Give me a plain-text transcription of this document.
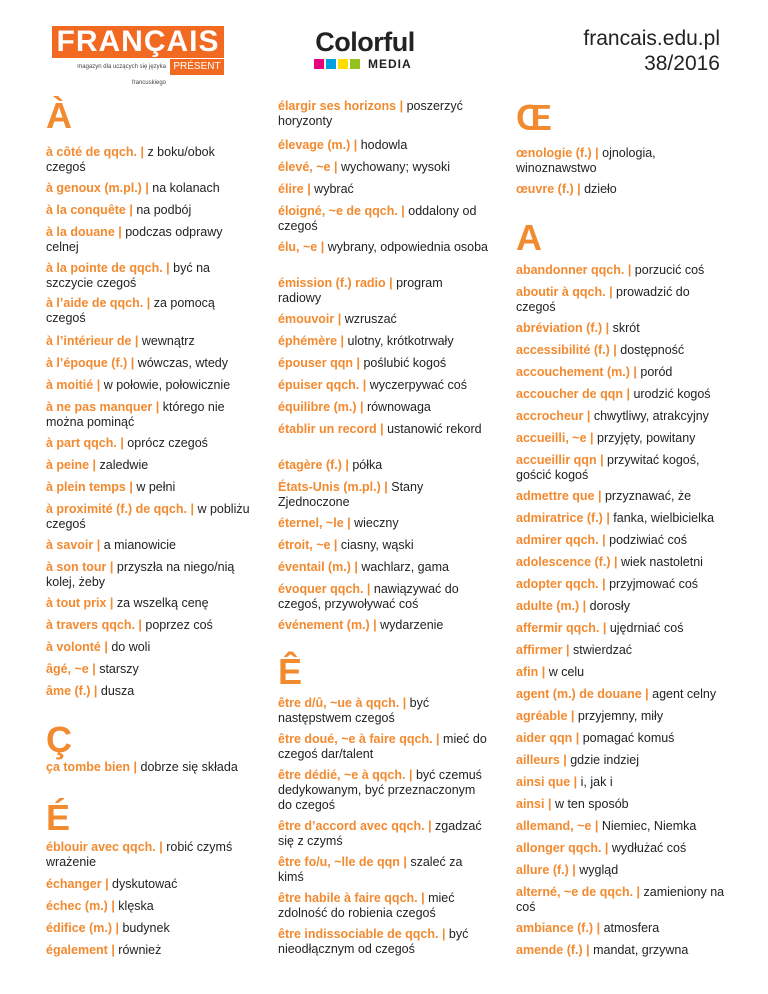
FRANÇAIS
magazyn dla uczących się języka francuskiego
PRÉSENT
Colorful
MEDIA
francais.edu.pl
38/2016
À
à côté de qqch. | z boku/obok czegoś
à genoux (m.pl.) | na kolanach
à la conquête | na podbój
à la douane | podczas odprawy celnej
à la pointe de qqch. | być na szczycie czegoś
à l’aide de qqch. | za pomocą czegoś
à l’intérieur de | wewnątrz
à l’époque (f.) | wówczas, wtedy
à moitié | w połowie, połowicznie
à ne pas manquer | którego nie można pominąć
à part qqch. | oprócz czegoś
à peine | zaledwie
à plein temps | w pełni
à proximité (f.) de qqch. | w pobliżu czegoś
à savoir | a mianowicie
à son tour | przyszła na niego/nią kolej, żeby
à tout prix | za wszelką cenę
à travers qqch. | poprzez coś
à volonté | do woli
âgé, ~e | starszy
âme (f.) | dusza
Ç
ça tombe bien | dobrze się składa
É
éblouir avec qqch. | robić czymś wrażenie
échanger | dyskutować
échec (m.) | klęska
édifice (m.) | budynek
également | również
élargir ses horizons | poszerzyć horyzonty
élevage (m.) | hodowla
élevé, ~e | wychowany; wysoki
élire | wybrać
éloigné, ~e de qqch. | oddalony od czegoś
élu, ~e | wybrany, odpowiednia osoba
émission (f.) radio | program radiowy
émouvoir | wzruszać
éphémère | ulotny, krótkotrwały
épouser qqn | poślubić kogoś
épuiser qqch. | wyczerpywać coś
équilibre (m.) | równowaga
établir un record | ustanowić rekord
étagère (f.) | półka
États-Unis (m.pl.) | Stany Zjednoczone
éternel, ~le | wieczny
étroit, ~e | ciasny, wąski
éventail (m.) | wachlarz, gama
évoquer qqch. | nawiązywać do czegoś, przywoływać coś
événement (m.) | wydarzenie
Ê
être d/û, ~ue à qqch. | być następstwem czegoś
être doué, ~e à faire qqch. | mieć do czegoś dar/talent
être dédié, ~e à qqch. | być czemuś dedykowanym, być przeznaczonym do czegoś
être d’accord avec qqch. | zgadzać się z czymś
être fo/u, ~lle de qqn | szaleć za kimś
être habile à faire qqch. | mieć zdolność do robienia czegoś
être indissociable de qqch. | być nieodłącznym od czegoś
Œ
œnologie (f.) | ojnologia, winoznawstwo
œuvre (f.) | dzieło
A
abandonner qqch. | porzucić coś
aboutir à qqch. | prowadzić do czegoś
abréviation (f.) | skrót
accessibilité (f.) | dostępność
accouchement (m.) | poród
accoucher de qqn | urodzić kogoś
accrocheur | chwytliwy, atrakcyjny
accueilli, ~e | przyjęty, powitany
accueillir qqn | przywitać kogoś, gościć kogoś
admettre que | przyznawać, że
admiratrice (f.) | fanka, wielbicielka
admirer qqch. | podziwiać coś
adolescence (f.) | wiek nastoletni
adopter qqch. | przyjmować coś
adulte (m.) | dorosły
affermir qqch. | ujędrniać coś
affirmer | stwierdzać
afin | w celu
agent (m.) de douane | agent celny
agréable | przyjemny, miły
aider qqn | pomagać komuś
ailleurs | gdzie indziej
ainsi que | i, jak i
ainsi | w ten sposób
allemand, ~e | Niemiec, Niemka
allonger qqch. | wydłużać coś
allure (f.) | wygląd
alterné, ~e de qqch. | zamieniony na coś
ambiance (f.) | atmosfera
amende (f.) | mandat, grzywna
